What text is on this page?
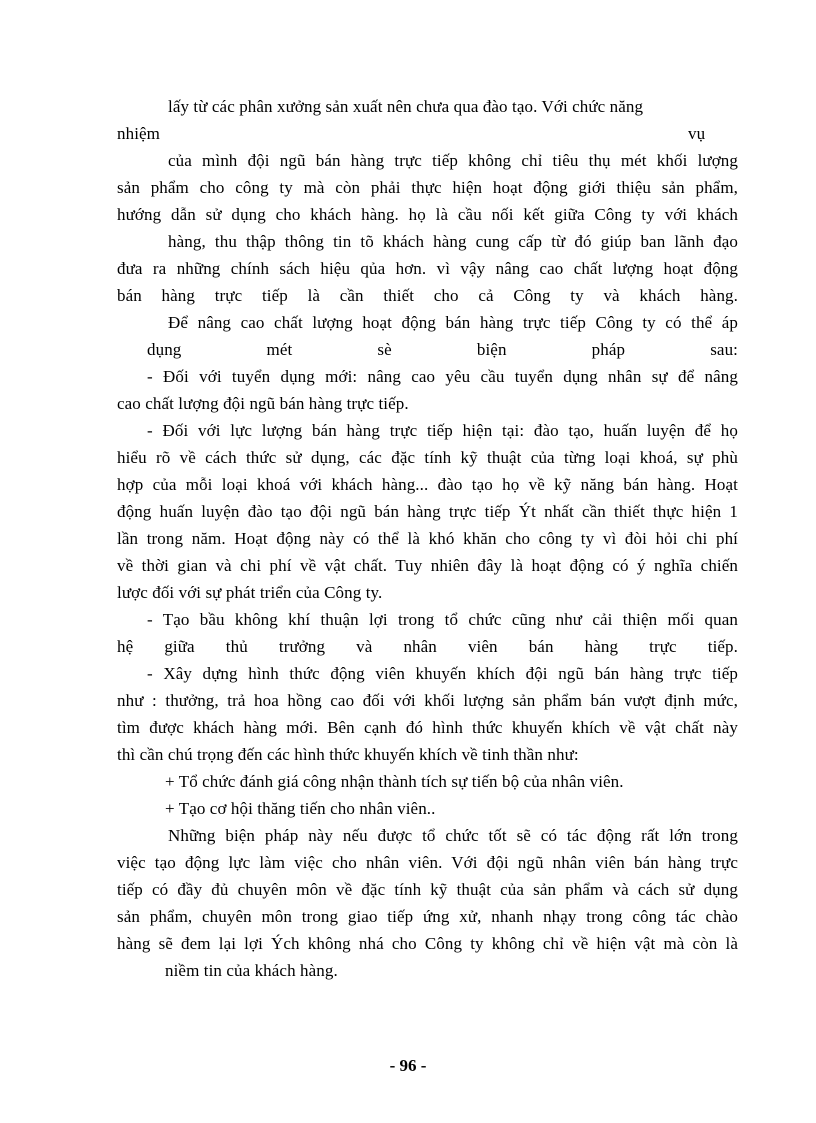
lấy từ các phân xưởng sản xuất nên chưa qua đào tạo. Với chức năng
nhiệm	vụ
của mình đội ngũ bán hàng trực tiếp không chỉ tiêu thụ mét khối lượng
sản phẩm cho công ty mà còn phải thực hiện hoạt động giới thiệu sản phẩm,
hướng dẫn sử dụng cho khách hàng. họ là cầu nối kết giữa Công ty với khách
hàng, thu thập thông tin tõ khách hàng cung cấp từ đó giúp ban lãnh đạo
đưa ra những chính sách hiệu qủa hơn. vì vậy nâng cao chất lượng hoạt động
bán hàng trực tiếp là cần thiết cho cả Công ty và khách hàng.
Để nâng cao chất lượng hoạt động bán hàng trực tiếp Công ty có thể áp
dụng mét sè biện pháp sau:
- Đối với tuyển dụng mới: nâng cao yêu cầu tuyển dụng nhân sự để nâng
cao chất lượng đội ngũ bán hàng trực tiếp.
- Đối với lực lượng bán hàng trực tiếp hiện tại: đào tạo, huấn luyện để họ
hiểu rõ về cách thức sử dụng, các đặc tính kỹ thuật của từng loại khoá, sự phù
hợp của mỗi loại khoá với khách hàng... đào tạo họ về kỹ năng bán hàng. Hoạt
động huấn luyện đào tạo đội ngũ bán hàng trực tiếp Ýt nhất cần thiết thực hiện 1
lần trong năm. Hoạt động này có thể là khó khăn cho công ty vì đòi hỏi chi phí
về thời gian và chi phí về vật chất. Tuy nhiên đây là hoạt động có ý nghĩa chiến
lược đối với sự phát triển của Công ty.
- Tạo bầu không khí thuận lợi trong tổ chức cũng như cải thiện mối quan
hệ giữa thủ trưởng và nhân viên bán hàng trực tiếp.
- Xây dựng hình thức động viên khuyến khích đội ngũ bán hàng trực tiếp
như : thưởng, trả hoa hồng cao đối với khối lượng sản phẩm bán vượt định mức,
tìm được khách hàng mới. Bên cạnh đó hình thức khuyến khích về vật chất này
thì cần chú trọng đến các hình thức khuyến khích về tinh thần như:
+ Tổ chức đánh giá công nhận thành tích sự tiến bộ của nhân viên.
+ Tạo cơ hội thăng tiến cho nhân viên..
Những biện pháp này nếu được tổ chức tốt sẽ có tác động rất lớn trong
việc tạo động lực làm việc cho nhân viên. Với đội ngũ nhân viên bán hàng trực
tiếp có đầy đủ chuyên môn về đặc tính kỹ thuật của sản phẩm và cách sử dụng
sản phẩm, chuyên môn trong giao tiếp ứng xử, nhanh nhạy trong công tác chào
hàng sẽ đem lại lợi Ých không nhá cho Công ty không chỉ về hiện vật mà còn là
niềm tin của khách hàng.
- 96 -
